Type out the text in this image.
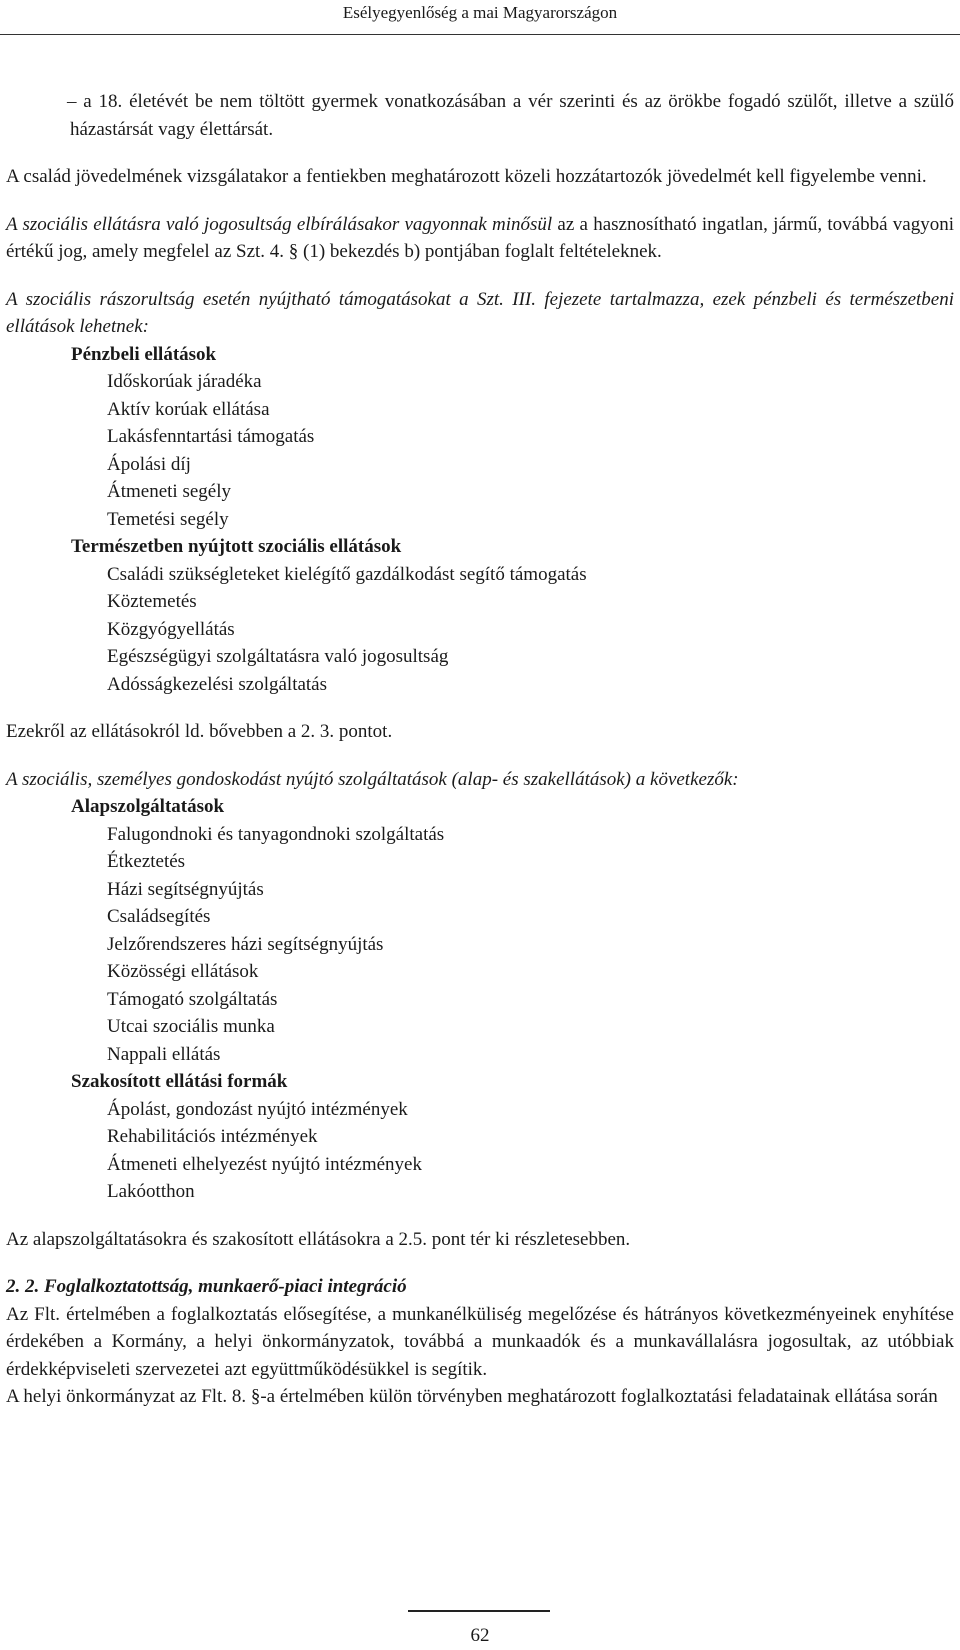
Esélyegyenlőség a mai Magyarországon

– a 18. életévét be nem töltött gyermek vonatkozásában a vér szerinti és az örökbe fogadó szülőt, illetve a szülő házastársát vagy élettársát.

A család jövedelmének vizsgálatakor a fentiekben meghatározott közeli hozzátartozók jövedelmét kell figyelembe venni.

A szociális ellátásra való jogosultság elbírálásakor vagyonnak minősül az a hasznosítható ingatlan, jármű, továbbá vagyoni értékű jog, amely megfelel az Szt. 4. § (1) bekezdés b) pontjában foglalt feltételeknek.

A szociális rászorultság esetén nyújtható támogatásokat a Szt. III. fejezete tartalmazza, ezek pénzbeli és természetbeni ellátások lehetnek:

Pénzbeli ellátások
Időskorúak járadéka
Aktív korúak ellátása
Lakásfenntartási támogatás
Ápolási díj
Átmeneti segély
Temetési segély
Természetben nyújtott szociális ellátások
Családi szükségleteket kielégítő gazdálkodást segítő támogatás
Köztemetés
Közgyógyellátás
Egészségügyi szolgáltatásra való jogosultság
Adósságkezelési szolgáltatás

Ezekről az ellátásokról ld. bővebben a 2. 3. pontot.

A szociális, személyes gondoskodást nyújtó szolgáltatások (alap- és szakellátások) a következők:

Alapszolgáltatások
Falugondnoki és tanyagondnoki szolgáltatás
Étkeztetés
Házi segítségnyújtás
Családsegítés
Jelzőrendszeres házi segítségnyújtás
Közösségi ellátások
Támogató szolgáltatás
Utcai szociális munka
Nappali ellátás
Szakosított ellátási formák
Ápolást, gondozást nyújtó intézmények
Rehabilitációs intézmények
Átmeneti elhelyezést nyújtó intézmények
Lakóotthon

Az alapszolgáltatásokra és szakosított ellátásokra a 2.5. pont tér ki részletesebben.

2. 2. Foglalkoztatottság, munkaerő-piaci integráció

Az Flt. értelmében a foglalkoztatás elősegítése, a munkanélküliség megelőzése és hátrányos következményeinek enyhítése érdekében a Kormány, a helyi önkormányzatok, továbbá a munkaadók és a munkavállalásra jogosultak, az utóbbiak érdekképviseleti szervezetei azt együttműködésükkel is segítik.

A helyi önkormányzat az Flt. 8. §-a értelmében külön törvényben meghatározott foglalkoztatási feladatainak ellátása során

62
